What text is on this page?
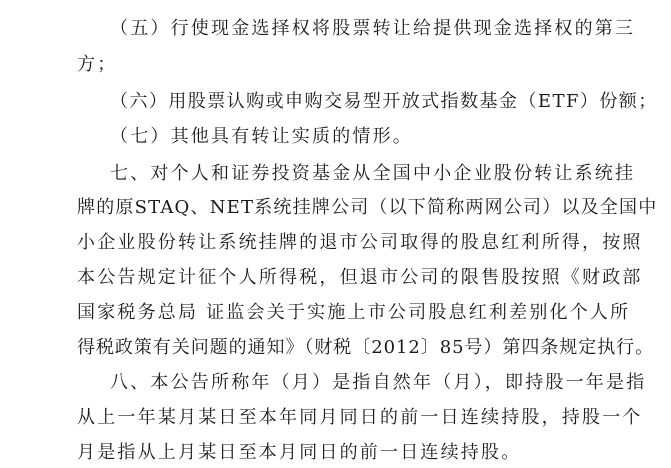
（五）行使现金选择权将股票转让给提供现金选择权的第三
方；
（六）用股票认购或申购交易型开放式指数基金（ETF）份额；
（七）其他具有转让实质的情形。
七、对个人和证券投资基金从全国中小企业股份转让系统挂
牌的原STAQ、NET系统挂牌公司（以下简称两网公司）以及全国中
小企业股份转让系统挂牌的退市公司取得的股息红利所得，按照
本公告规定计征个人所得税，但退市公司的限售股按照《财政部
国家税务总局 证监会关于实施上市公司股息红利差别化个人所
得税政策有关问题的通知》（财税〔2012〕85号）第四条规定执行。
八、本公告所称年（月）是指自然年（月），即持股一年是指
从上一年某月某日至本年同月同日的前一日连续持股，持股一个
月是指从上月某日至本月同日的前一日连续持股。
